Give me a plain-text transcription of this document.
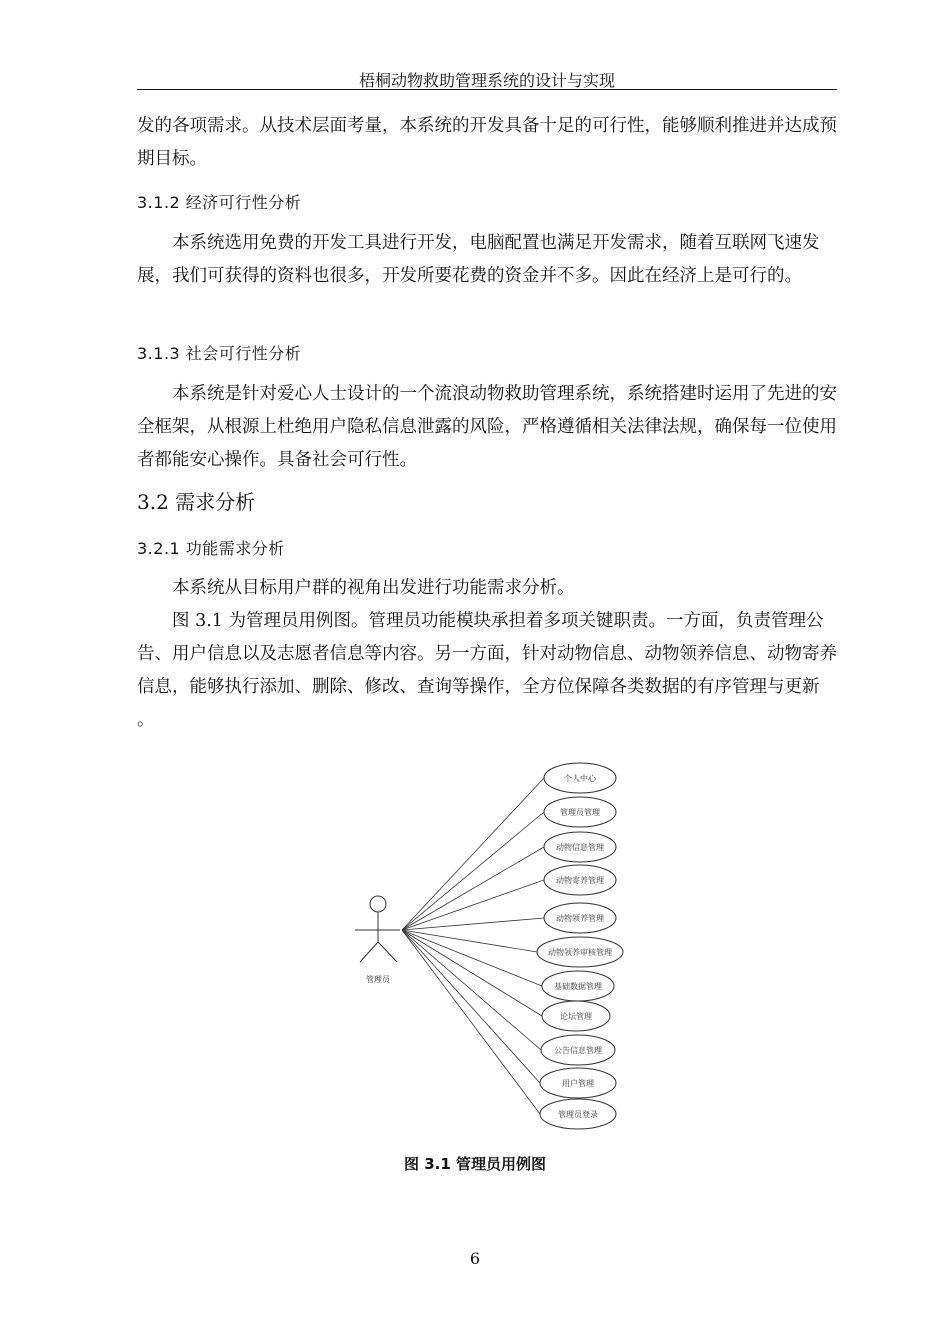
梧桐动物救助管理系统的设计与实现

发的各项需求。从技术层面考量，本系统的开发具备十足的可行性，能够顺利推进并达成预期目标。

3.1.2 经济可行性分析

本系统选用免费的开发工具进行开发，电脑配置也满足开发需求，随着互联网飞速发展，我们可获得的资料也很多，开发所要花费的资金并不多。因此在经济上是可行的。

3.1.3 社会可行性分析

本系统是针对爱心人士设计的一个流浪动物救助管理系统，系统搭建时运用了先进的安全框架，从根源上杜绝用户隐私信息泄露的风险，严格遵循相关法律法规，确保每一位使用者都能安心操作。具备社会可行性。

3.2 需求分析
3.2.1 功能需求分析

本系统从目标用户群的视角出发进行功能需求分析。

图 3.1 为管理员用例图。管理员功能模块承担着多项关键职责。一方面，负责管理公告、用户信息以及志愿者信息等内容。另一方面，针对动物信息、动物领养信息、动物寄养信息，能够执行添加、删除、修改、查询等操作，全方位保障各类数据的有序管理与更新 。

管理员
个人中心
管理员管理
动物信息管理
动物寄养管理
动物领养管理
动物领养审核管理
基础数据管理
论坛管理
公告信息管理
用户管理
管理员登录
图 3.1 管理员用例图
6
